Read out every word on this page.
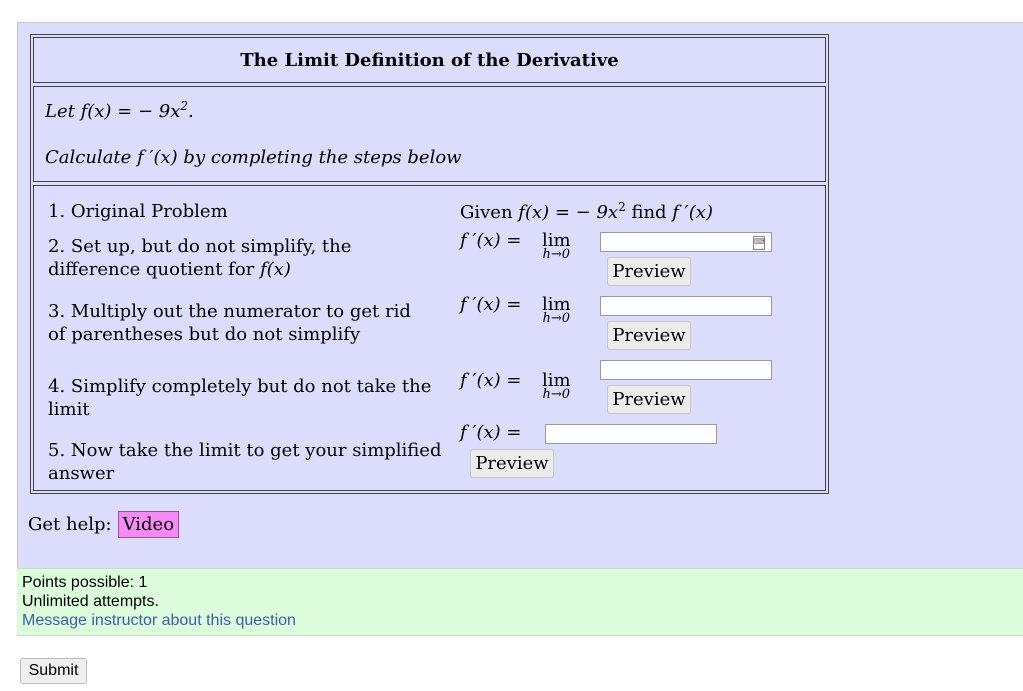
The Limit Definition of the Derivative
Let f(x) = − $9x^2$.
Calculate f ′(x) by completing the steps below
1. Original Problem	Given f(x) = − $9x^2$ find f ′(x)
2. Set up, but do not simplify, the difference quotient for f(x)
f ′(x) = lim
h→0
⌨
Preview
3. Multiply out the numerator to get rid of parentheses but do not simplify
f ′(x) = lim
h→0
Preview
4. Simplify completely but do not take the limit
f ′(x) = lim
h→0 Preview
5. Now take the limit to get your simplified answer
f ′(x) =
Preview
Get help: Video
Points possible: 1
Unlimited attempts.
Message instructor about this question
Submit
